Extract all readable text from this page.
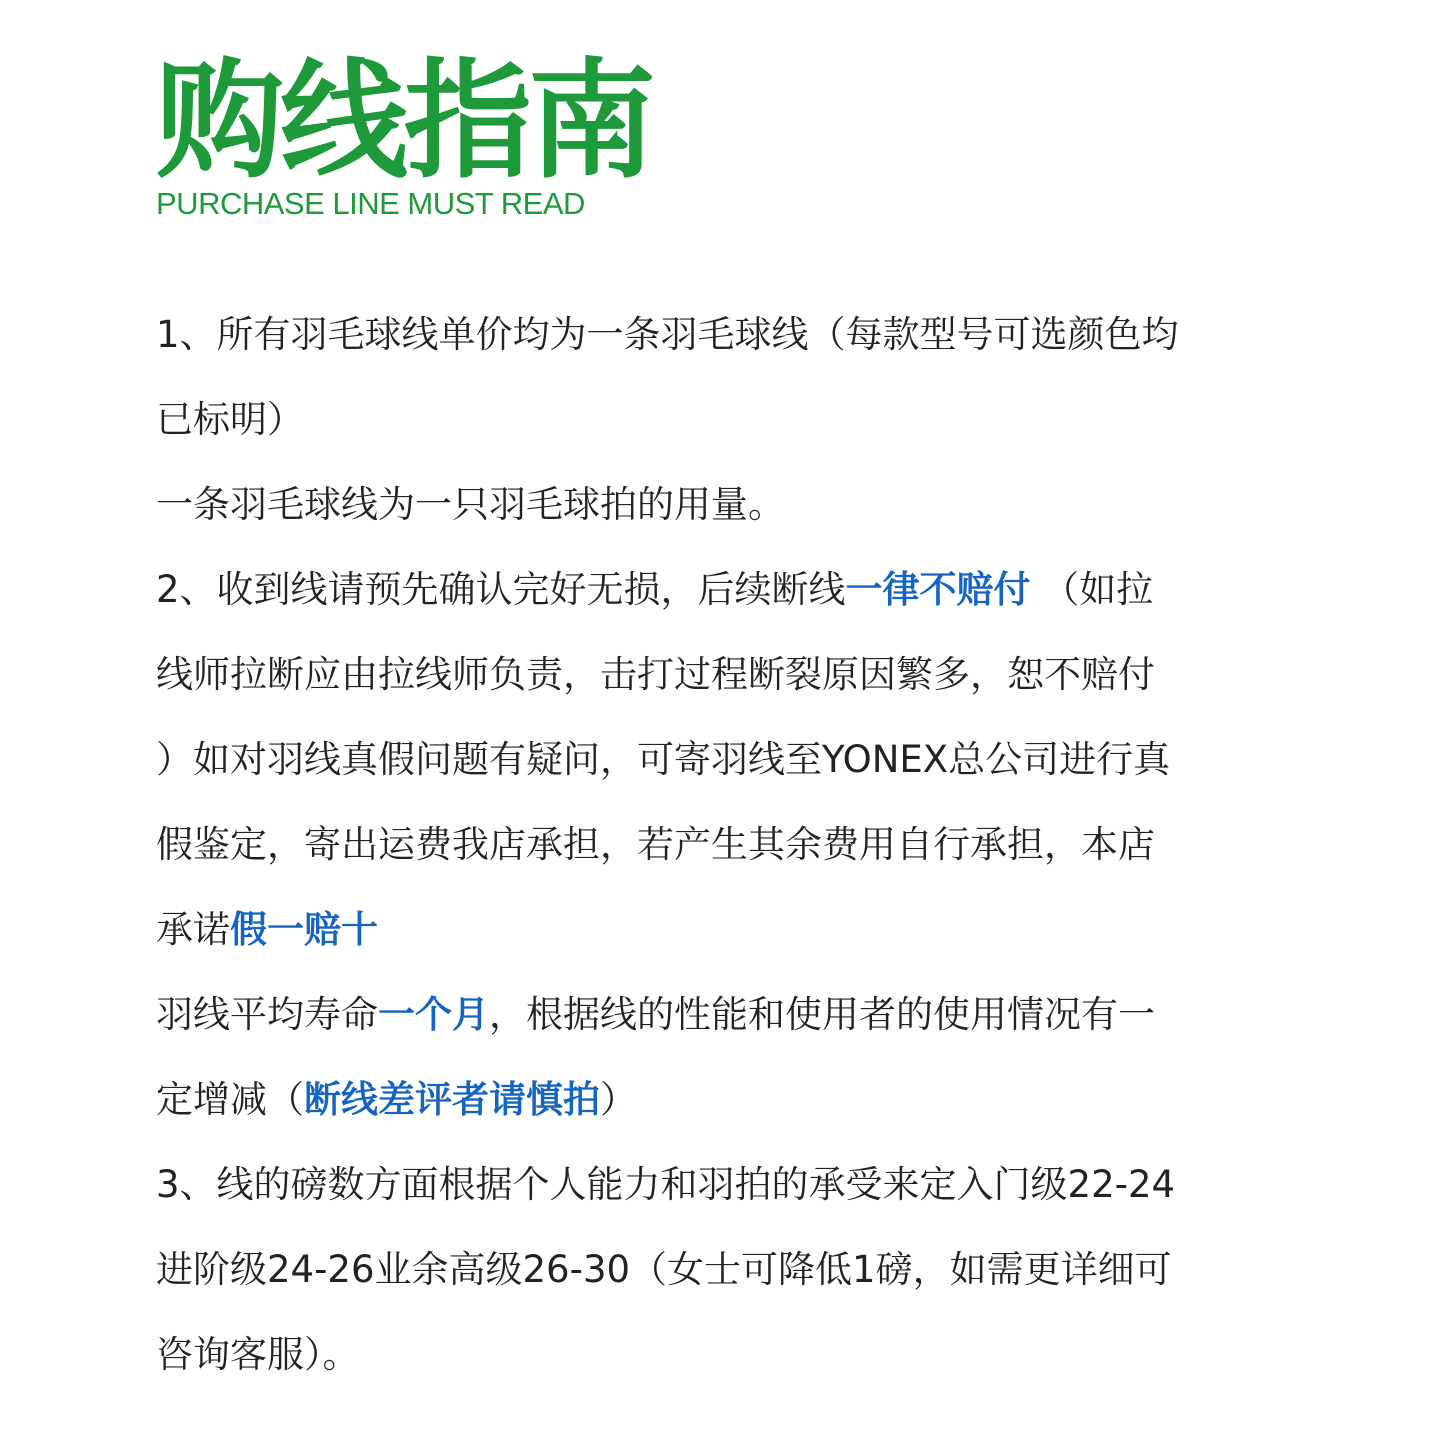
购线指南
PURCHASE LINE MUST READ
1、所有羽毛球线单价均为一条羽毛球线（每款型号可选颜色均
已标明）
一条羽毛球线为一只羽毛球拍的用量。
2、收到线请预先确认完好无损，后续断线一律不赔付 （如拉
线师拉断应由拉线师负责，击打过程断裂原因繁多，恕不赔付
）如对羽线真假问题有疑问，可寄羽线至YONEX总公司进行真
假鉴定，寄出运费我店承担，若产生其余费用自行承担，本店
承诺假一赔十
羽线平均寿命一个月，根据线的性能和使用者的使用情况有一
定增减（断线差评者请慎拍）
3、线的磅数方面根据个人能力和羽拍的承受来定入门级22-24
进阶级24-26业余高级26-30（女士可降低1磅，如需更详细可
咨询客服）。
